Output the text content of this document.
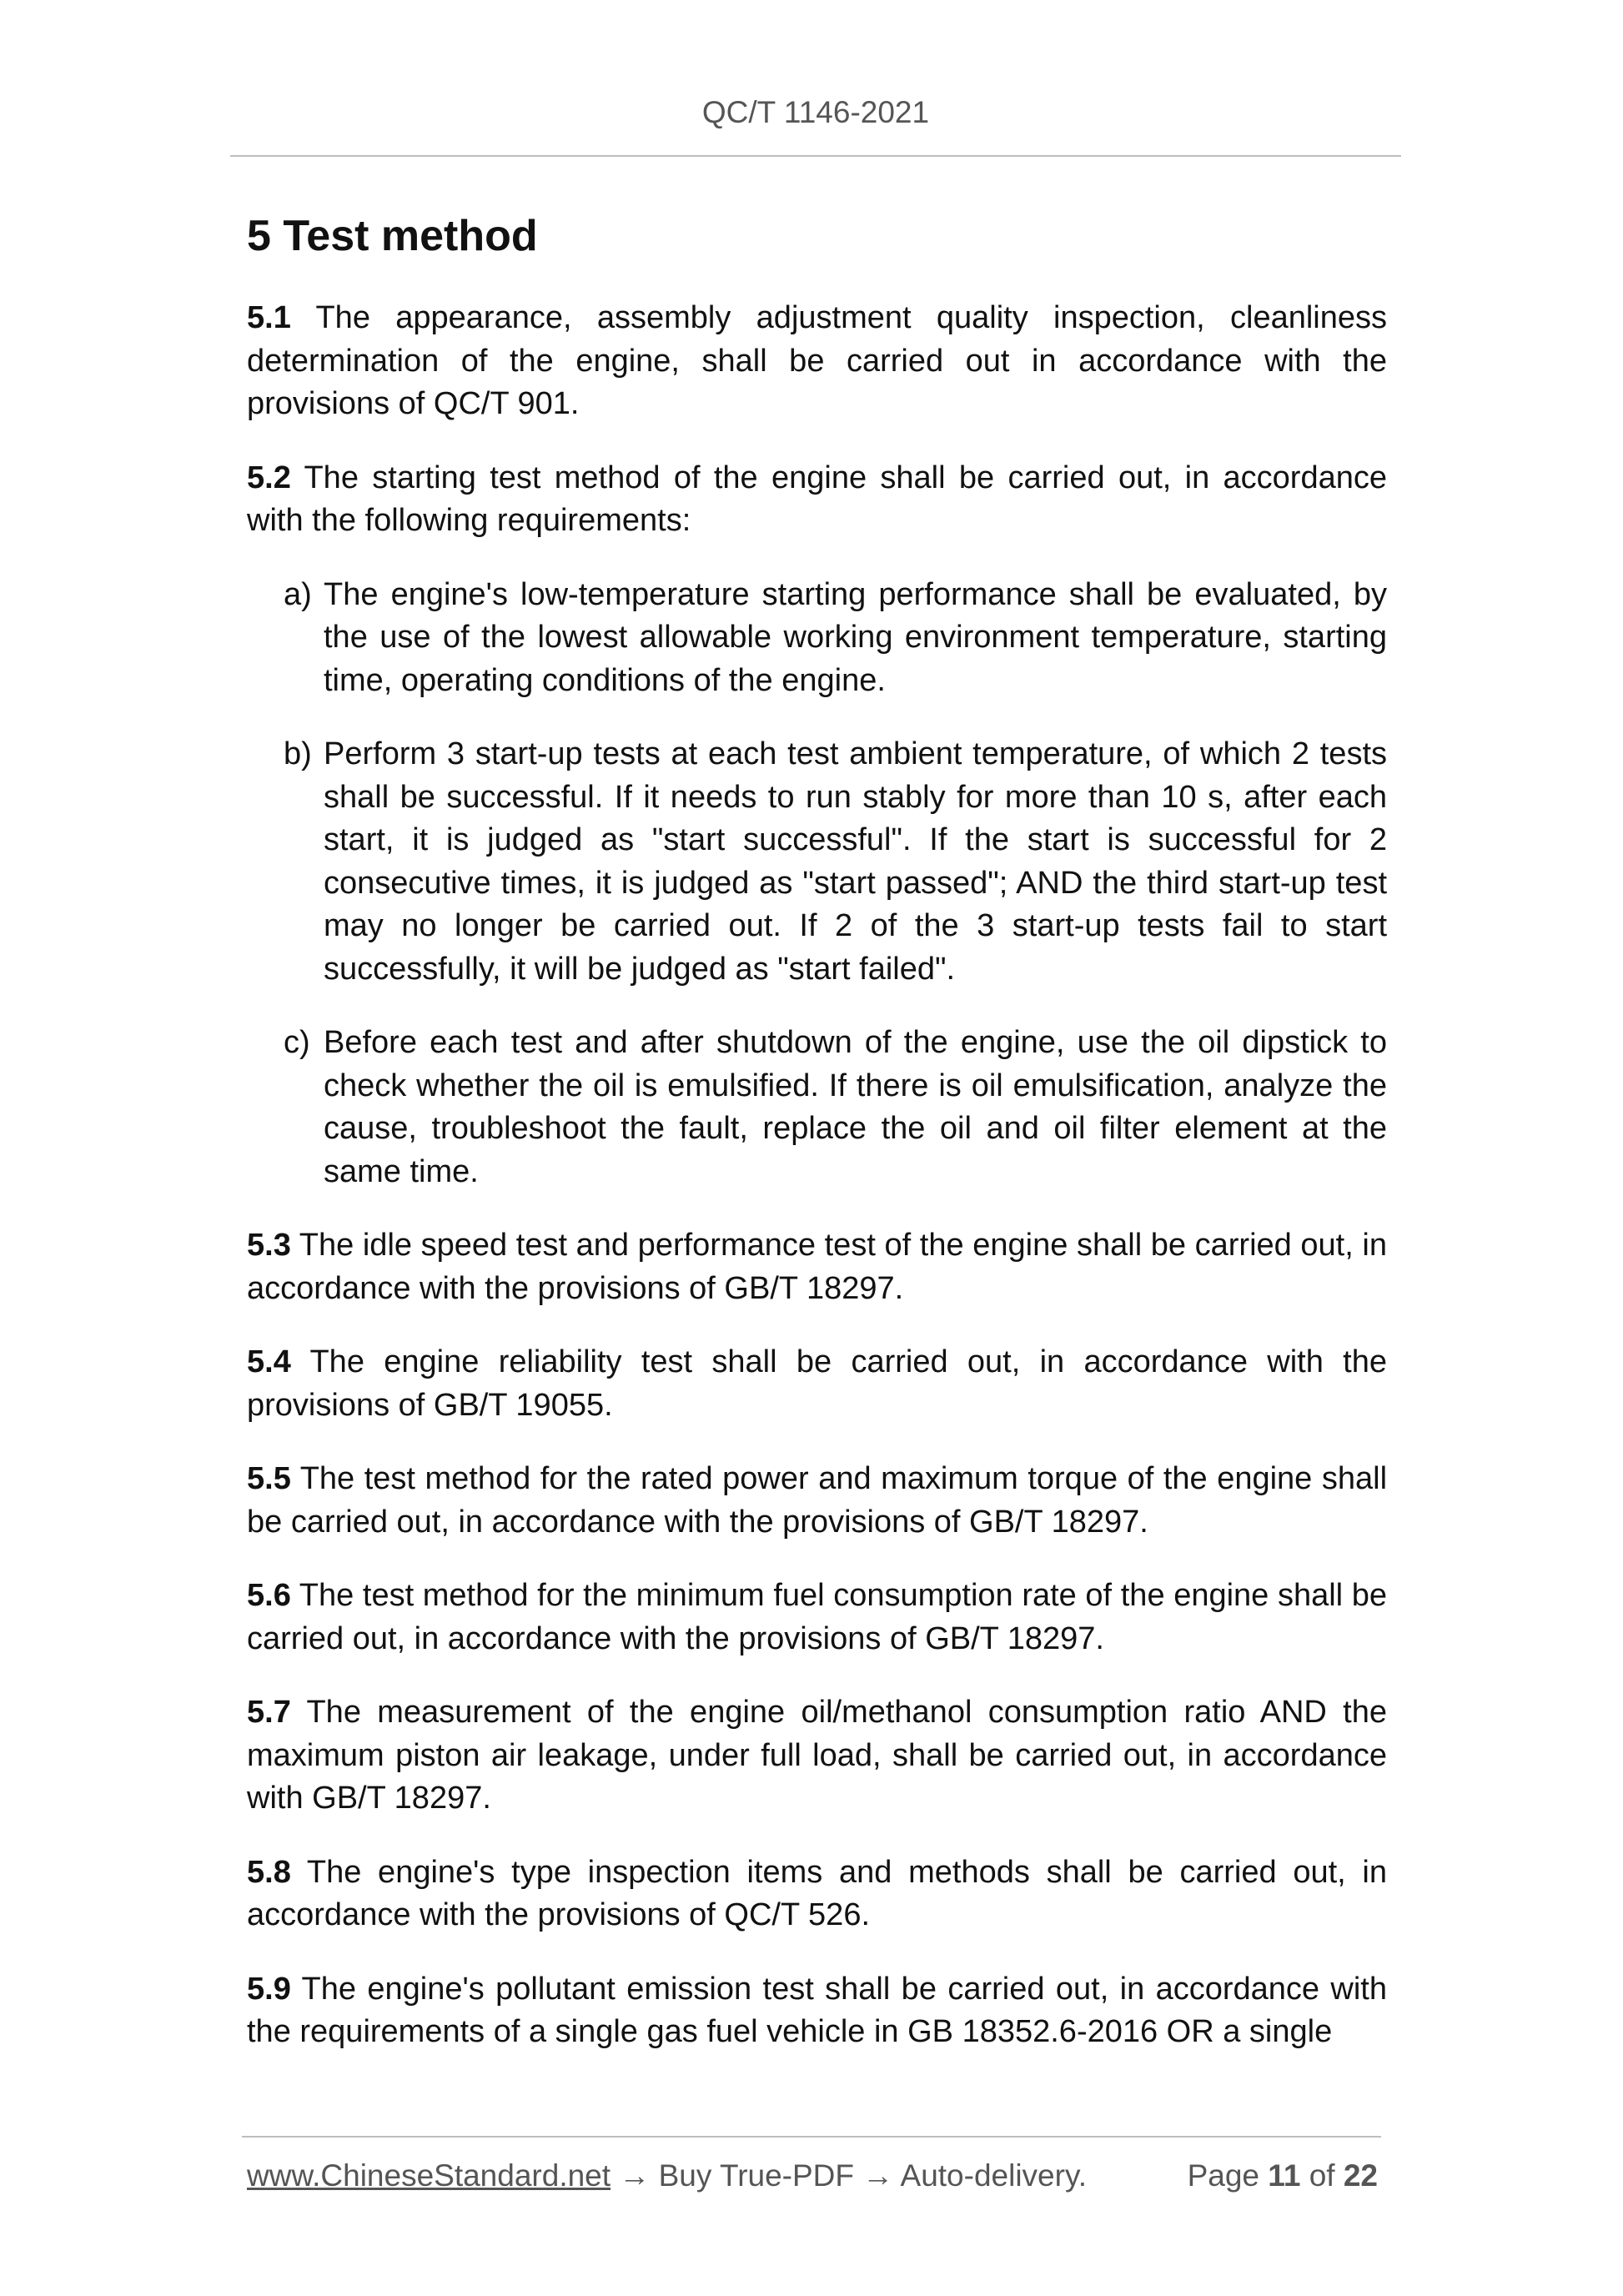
QC/T 1146-2021
5 Test method

5.1 The appearance, assembly adjustment quality inspection, cleanliness determination of the engine, shall be carried out in accordance with the provisions of QC/T 901.

5.2 The starting test method of the engine shall be carried out, in accordance with the following requirements:

a) The engine's low-temperature starting performance shall be evaluated, by the use of the lowest allowable working environment temperature, starting time, operating conditions of the engine.
b) Perform 3 start-up tests at each test ambient temperature, of which 2 tests shall be successful. If it needs to run stably for more than 10 s, after each start, it is judged as "start successful". If the start is successful for 2 consecutive times, it is judged as "start passed"; AND the third start-up test may no longer be carried out. If 2 of the 3 start-up tests fail to start successfully, it will be judged as "start failed".
c) Before each test and after shutdown of the engine, use the oil dipstick to check whether the oil is emulsified. If there is oil emulsification, analyze the cause, troubleshoot the fault, replace the oil and oil filter element at the same time.

5.3 The idle speed test and performance test of the engine shall be carried out, in accordance with the provisions of GB/T 18297.

5.4 The engine reliability test shall be carried out, in accordance with the provisions of GB/T 19055.

5.5 The test method for the rated power and maximum torque of the engine shall be carried out, in accordance with the provisions of GB/T 18297.

5.6 The test method for the minimum fuel consumption rate of the engine shall be carried out, in accordance with the provisions of GB/T 18297.

5.7 The measurement of the engine oil/methanol consumption ratio AND the maximum piston air leakage, under full load, shall be carried out, in accordance with GB/T 18297.

5.8 The engine's type inspection items and methods shall be carried out, in accordance with the provisions of QC/T 526.

5.9 The engine's pollutant emission test shall be carried out, in accordance with the requirements of a single gas fuel vehicle in GB 18352.6-2016 OR a single

www.ChineseStandard.net → Buy True-PDF → Auto-delivery.	Page 11 of 22
